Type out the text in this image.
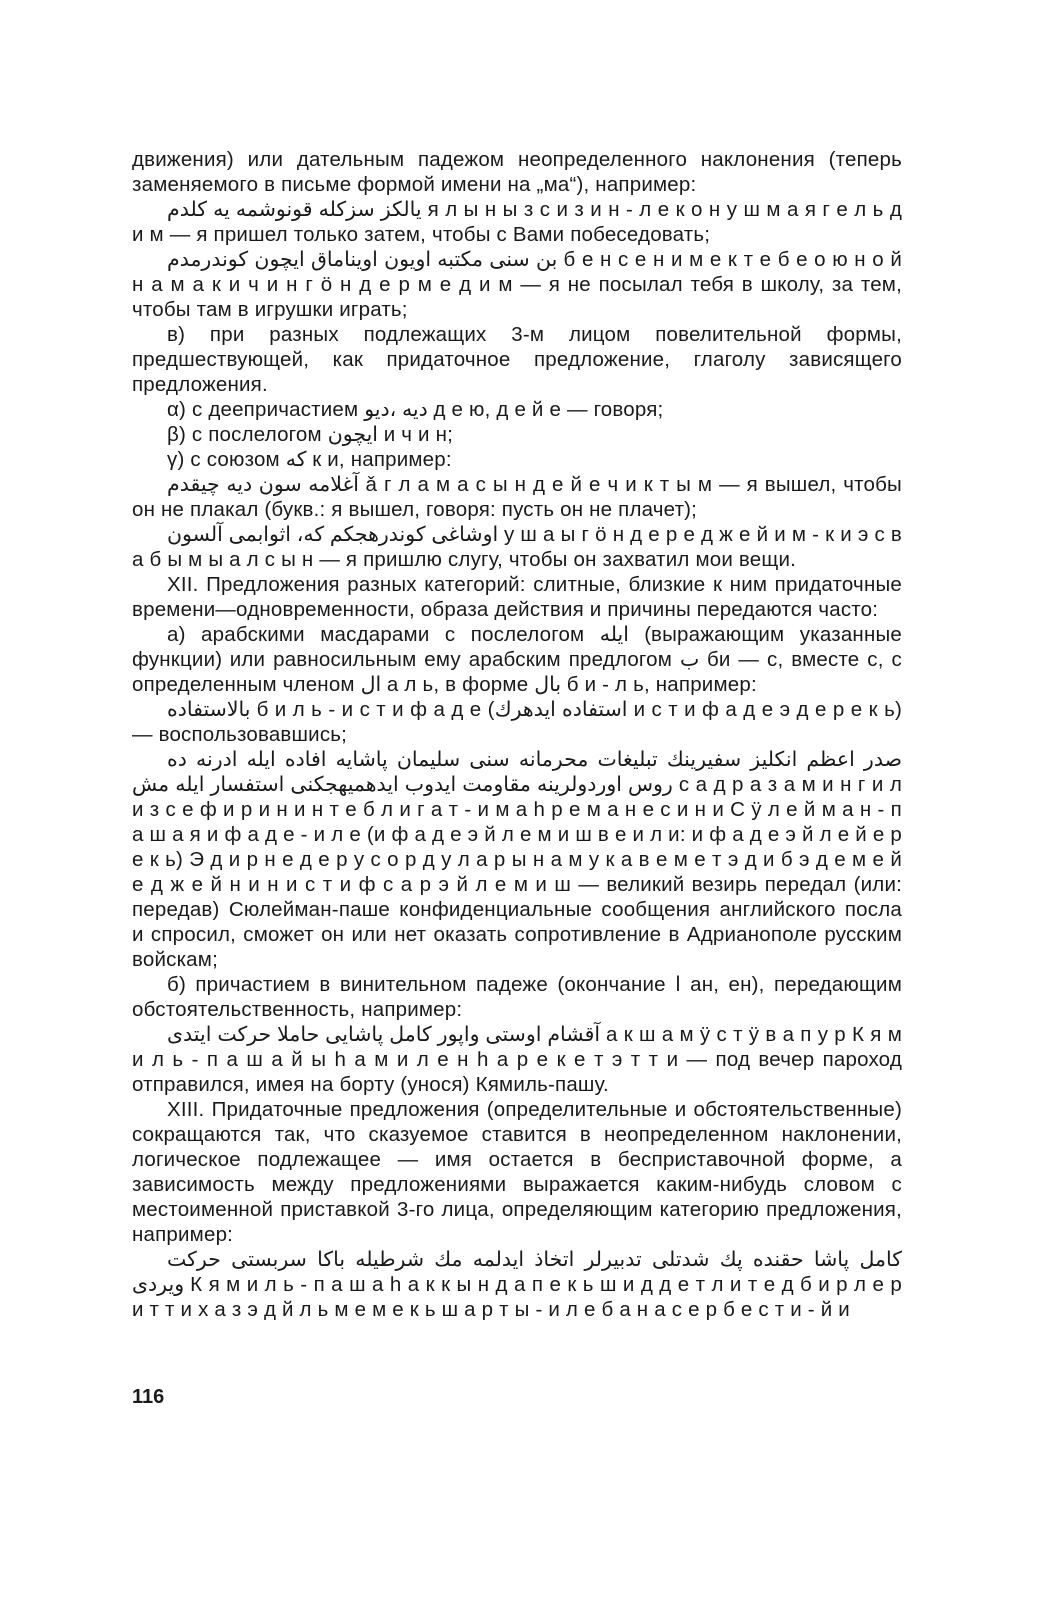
движения) или дательным падежом неопределенного наклонения (теперь заменяемого в письме формой имени на „ма“), например:

يالكز سزكله قونوشمه يه كلدم я л ы н ы з с и з и н - л е к о н у ш м а я г е л ь д и м — я пришел только затем, чтобы с Вами побеседовать;

بن سنى مكتبه اويون اويناماق ايچون كوندرمدم б е н с е н и м е к т е б е о ю н о й н а м а к и ч и н г ö н д е р м е д и м — я не посылал тебя в школу, за тем, чтобы там в игрушки играть;

в) при разных подлежащих 3-м лицом повелительной формы, предшествующей, как придаточное предложение, глаголу зависящего предложения.

α) с деепричастием ديه ،ديو д е ю, д е й е — говоря;

β) с послелогом ايچون и ч и н;

γ) с союзом كه к и, например:

آغلامه سون ديه چيقدم а̌ г л а м а с ы н д е й е ч и к т ы м — я вышел, чтобы он не плакал (букв.: я вышел, говоря: пусть он не плачет);

اوشاغى كوندرهجكم كه، اثوابمى آلسون у ш а ы г ö н д е р е д ж е й и м - к и э с в а б ы м ы а л с ы н — я пришлю слугу, чтобы он захватил мои вещи.

XII. Предложения разных категорий: слитные, близкие к ним придаточные времени—одновременности, образа действия и причины передаются часто:

а) арабскими масдарами с послелогом ايله (выражающим указанные функции) или равносильным ему арабским предлогом ب би — с, вместе с, с определенным членом ال а л ь, в форме بال б и - л ь, например:

بالاستفاده б и л ь - и с т и ф а д е (استفاده ايدهرك и с т и ф а д е э д е р е к ь) — воспользовавшись;

صدر اعظم انكليز سفيرينك تبليغات محرمانه سنى سليمان پاشايه افاده ايله ادرنه ده روس اوردولرينه مقاومت ايدوب ايدهميهجكنى استفسار ايله مش с а д р а з а м и н г и л и з с е ф и р и н и н т е б л и г а т - и м а һ р е м а н е с и н и С ӱ л е й м а н - п а ш а я и ф а д е - и л е (и ф а д е э й л е м и ш в е и л и: и ф а д е э й л е й е р е к ь) Э д и р н е д е р у с о р д у л а р ы н а м у к а в е м е т э д и б э д е м е й е д ж е й н и н и с т и ф с а р э й л е м и ш — великий везирь передал (или: передав) Сюлейман-паше конфиденциальные сообщения английского посла и спросил, сможет он или нет оказать сопротивление в Адрианополе русским войскам;

б) причастием в винительном падеже (окончание ا ан, ен), передающим обстоятельственность, например:

آقشام اوستى واپور كامل پاشايى حاملا حركت ايتدى а к ш а м ӱ с т ӱ в а п у р К я м и л ь - п а ш а й ы һ а м и л е н һ а р е к е т э т т и — под вечер пароход отправился, имея на борту (унося) Кямиль-пашу.

XIII. Придаточные предложения (определительные и обстоятельственные) сокращаются так, что сказуемое ставится в неопределенном наклонении, логическое подлежащее — имя остается в бесприставочной форме, а зависимость между предложениями выражается каким-нибудь словом с местоименной приставкой 3-го лица, определяющим категорию предложения, например:

كامل پاشا حقنده پك شدتلى تدبيرلر اتخاذ ايدلمه مك شرطيله باكا سربستى حركت ويردى К я м и л ь - п а ш а һ а к к ы н д а п е к ь ш и д д е т л и т е д б и р л е р и т т и х а з э д й л ь м е м е к ь ш а р т ы - и л е б а н а с е р б е с т и - й и

116
